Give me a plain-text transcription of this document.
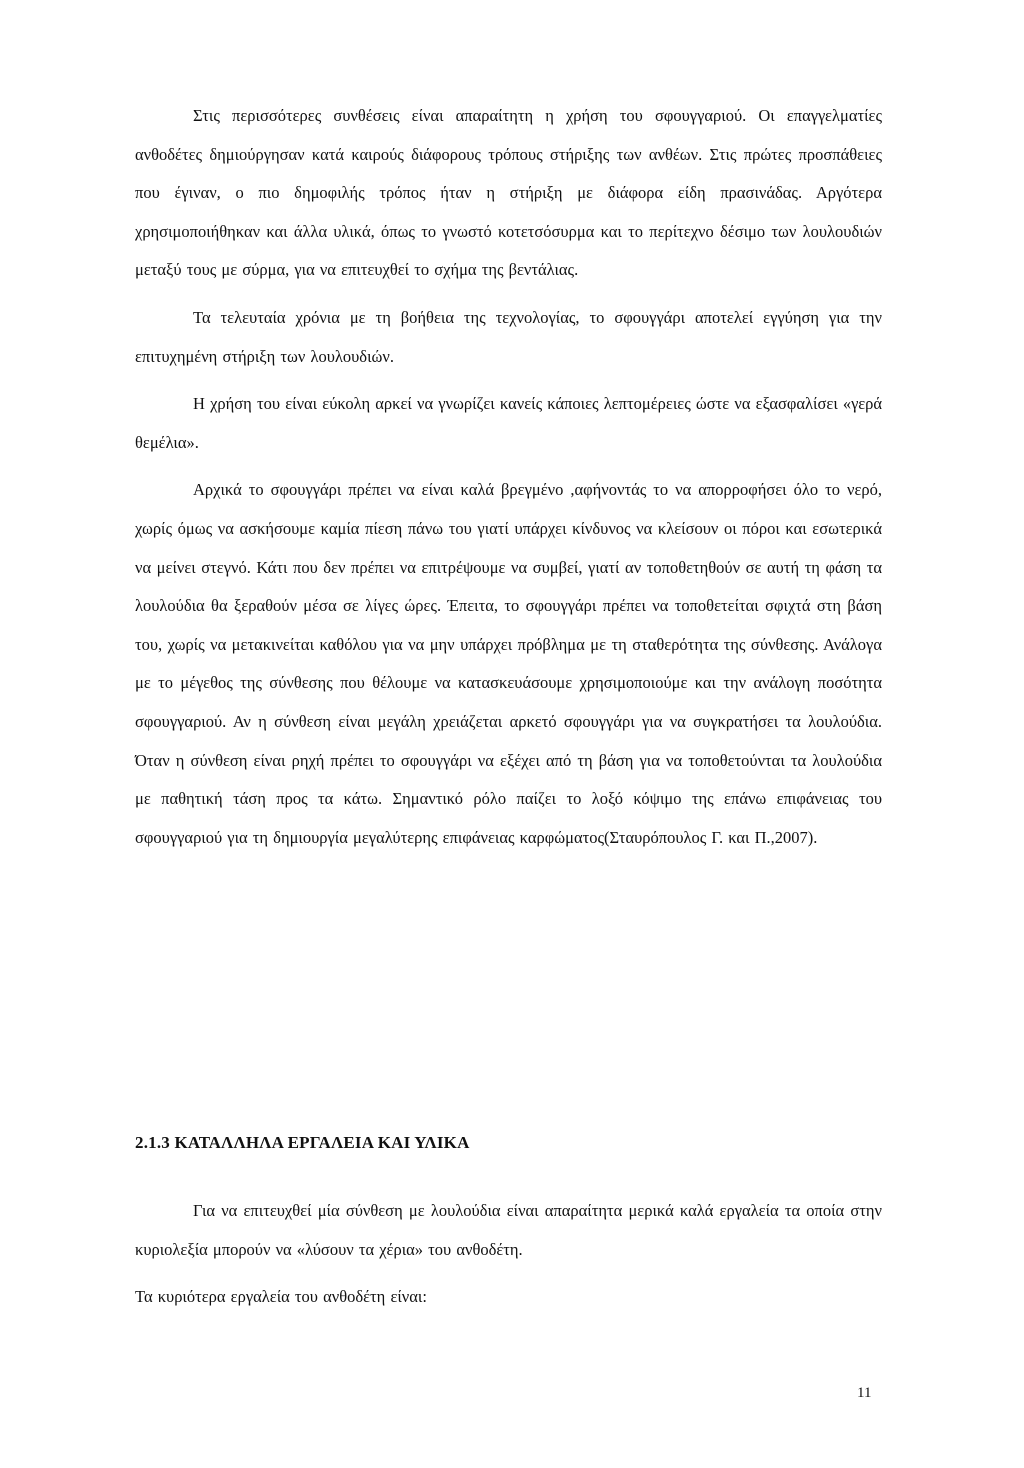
Στις περισσότερες συνθέσεις είναι απαραίτητη η χρήση του σφουγγαριού. Οι επαγγελματίες ανθοδέτες δημιούργησαν κατά καιρούς διάφορους τρόπους στήριξης των ανθέων. Στις πρώτες προσπάθειες που έγιναν, ο πιο δημοφιλής τρόπος ήταν η στήριξη με διάφορα είδη πρασινάδας. Αργότερα χρησιμοποιήθηκαν και άλλα υλικά, όπως το γνωστό κοτετσόσυρμα και το περίτεχνο δέσιμο των λουλουδιών μεταξύ τους με σύρμα, για να επιτευχθεί το σχήμα της βεντάλιας.

Τα τελευταία χρόνια με τη βοήθεια της τεχνολογίας, το σφουγγάρι αποτελεί εγγύηση για την επιτυχημένη στήριξη των λουλουδιών.

Η χρήση του είναι εύκολη αρκεί να γνωρίζει κανείς κάποιες λεπτομέρειες ώστε να εξασφαλίσει «γερά θεμέλια».

Αρχικά το σφουγγάρι πρέπει να είναι καλά βρεγμένο ,αφήνοντάς το να απορροφήσει όλο το νερό, χωρίς όμως να ασκήσουμε καμία πίεση πάνω του γιατί υπάρχει κίνδυνος να κλείσουν οι πόροι και εσωτερικά να μείνει στεγνό. Κάτι που δεν πρέπει να επιτρέψουμε να συμβεί, γιατί αν τοποθετηθούν σε αυτή τη φάση τα λουλούδια θα ξεραθούν μέσα σε λίγες ώρες. Έπειτα, το σφουγγάρι πρέπει να τοποθετείται σφιχτά στη βάση του, χωρίς να μετακινείται καθόλου για να μην υπάρχει πρόβλημα με τη σταθερότητα της σύνθεσης. Ανάλογα με το μέγεθος της σύνθεσης που θέλουμε να κατασκευάσουμε χρησιμοποιούμε και την ανάλογη ποσότητα σφουγγαριού. Αν η σύνθεση είναι μεγάλη χρειάζεται αρκετό σφουγγάρι για να συγκρατήσει τα λουλούδια. Όταν η σύνθεση είναι ρηχή πρέπει το σφουγγάρι να εξέχει από τη βάση για να τοποθετούνται τα λουλούδια με παθητική τάση προς τα κάτω. Σημαντικό ρόλο παίζει το λοξό κόψιμο της επάνω επιφάνειας του σφουγγαριού για τη δημιουργία μεγαλύτερης επιφάνειας καρφώματος(Σταυρόπουλος Γ. και Π.,2007).

2.1.3 ΚΑΤΑΛΛΗΛΑ ΕΡΓΑΛΕΙΑ ΚΑΙ ΥΛΙΚΑ

Για να επιτευχθεί μία σύνθεση με λουλούδια είναι απαραίτητα μερικά καλά εργαλεία τα οποία στην κυριολεξία μπορούν να «λύσουν τα χέρια» του ανθοδέτη.

Τα κυριότερα εργαλεία του ανθοδέτη είναι:

11
